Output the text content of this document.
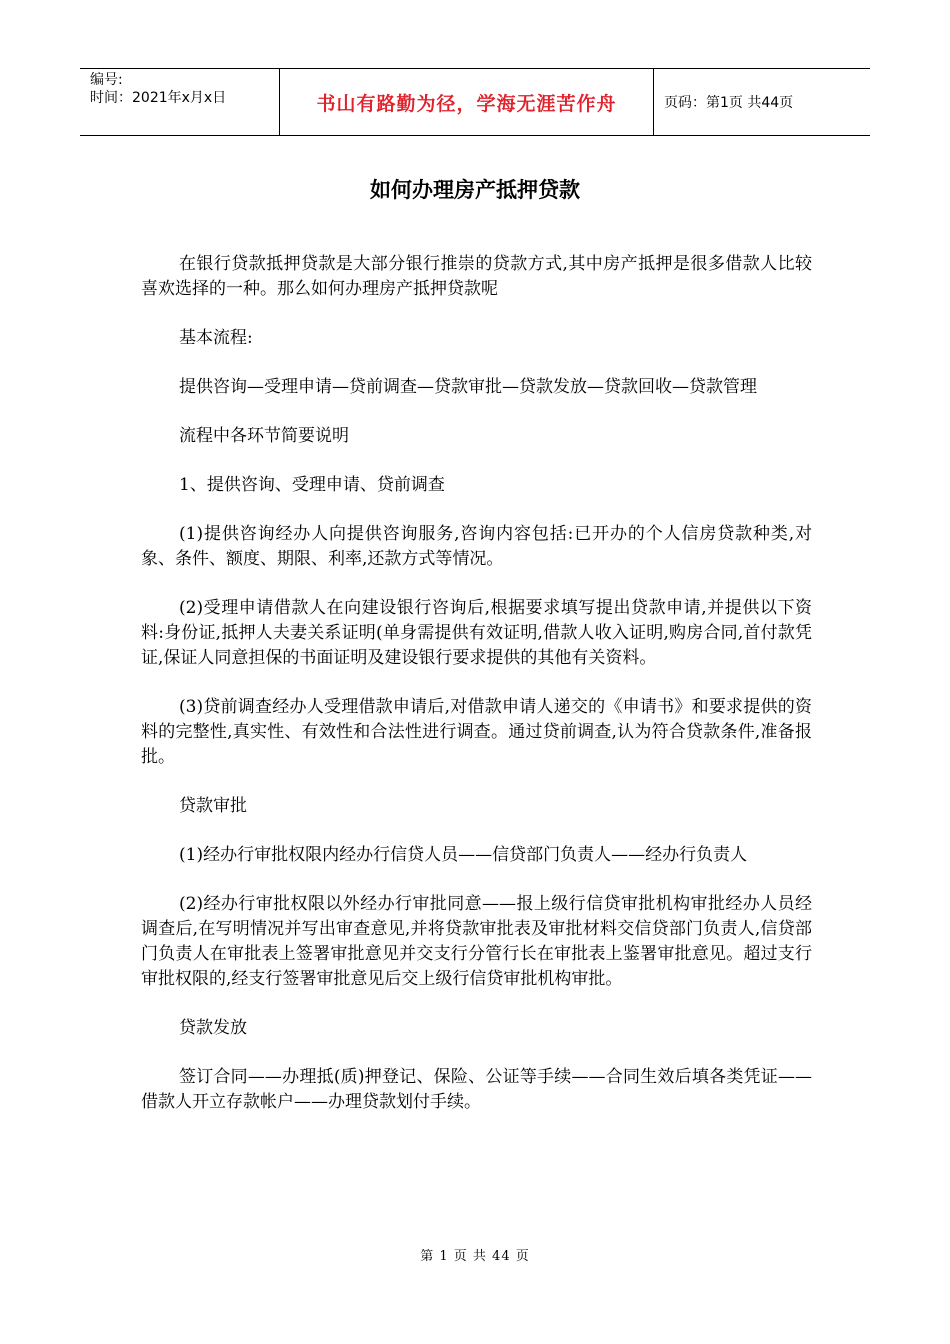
编号:
时间：2021年x月x日	书山有路勤为径，学海无涯苦作舟	页码：第1页 共44页
如何办理房产抵押贷款

在银行贷款抵押贷款是大部分银行推崇的贷款方式,其中房产抵押是很多借款人比较喜欢选择的一种。那么如何办理房产抵押贷款呢

基本流程:

提供咨询—受理申请—贷前调查—贷款审批—贷款发放—贷款回收—贷款管理

流程中各环节简要说明

1、提供咨询、受理申请、贷前调查

(1)提供咨询经办人向提供咨询服务,咨询内容包括:已开办的个人信房贷款种类,对象、条件、额度、期限、利率,还款方式等情况。

(2)受理申请借款人在向建设银行咨询后,根据要求填写提出贷款申请,并提供以下资料:身份证,抵押人夫妻关系证明(单身需提供有效证明,借款人收入证明,购房合同,首付款凭证,保证人同意担保的书面证明及建设银行要求提供的其他有关资料。

(3)贷前调查经办人受理借款申请后,对借款申请人递交的《申请书》和要求提供的资料的完整性,真实性、有效性和合法性进行调查。通过贷前调查,认为符合贷款条件,准备报批。

贷款审批

(1)经办行审批权限内经办行信贷人员——信贷部门负责人——经办行负责人

(2)经办行审批权限以外经办行审批同意——报上级行信贷审批机构审批经办人员经调查后,在写明情况并写出审查意见,并将贷款审批表及审批材料交信贷部门负责人,信贷部门负责人在审批表上签署审批意见并交支行分管行长在审批表上鉴署审批意见。超过支行审批权限的,经支行签署审批意见后交上级行信贷审批机构审批。

贷款发放

签订合同——办理抵(质)押登记、保险、公证等手续——合同生效后填各类凭证——借款人开立存款帐户——办理贷款划付手续。

第 1 页 共 44 页
